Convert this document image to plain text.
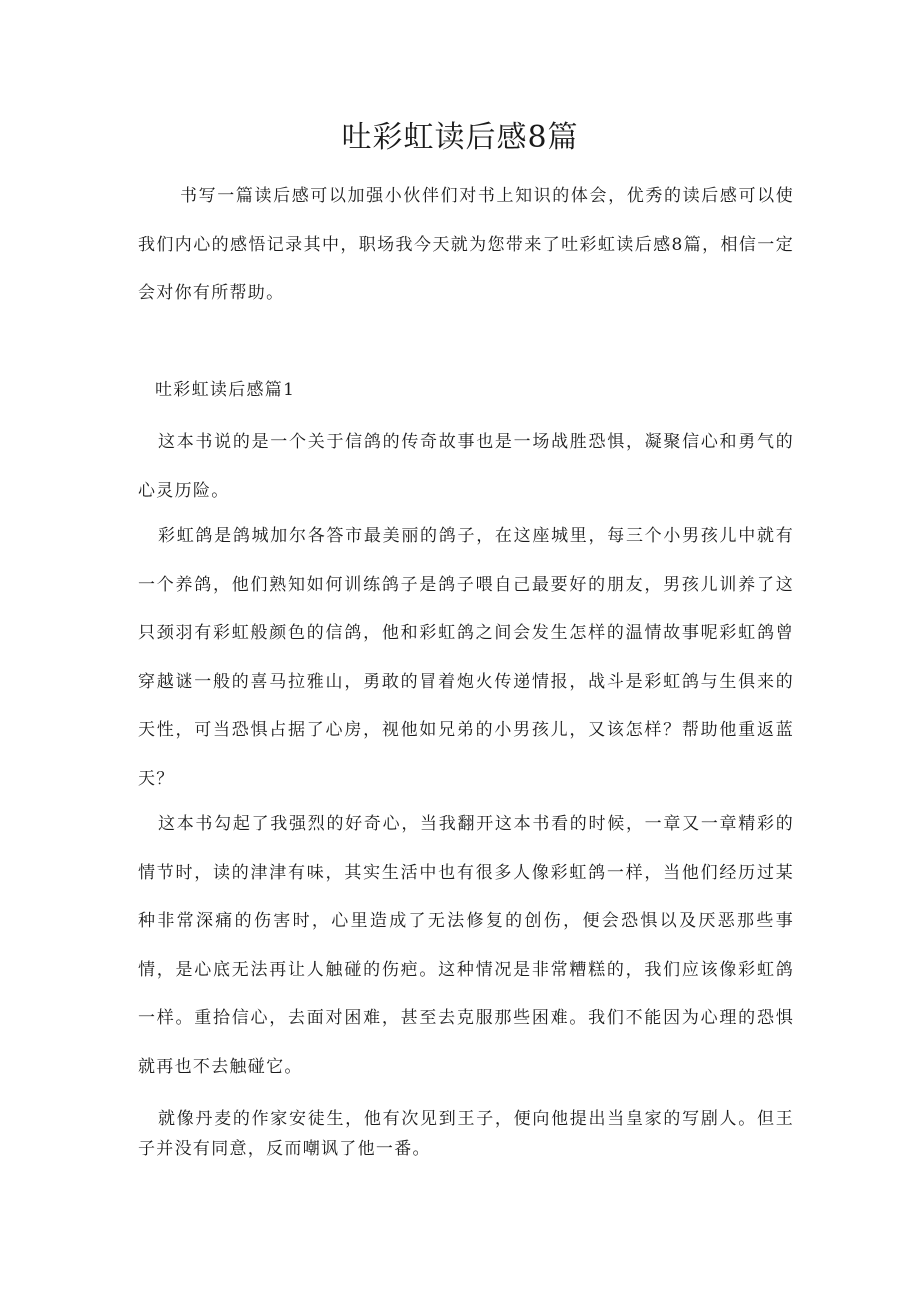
吐彩虹读后感8篇

书写一篇读后感可以加强小伙伴们对书上知识的体会，优秀的读后感可以使我们内心的感悟记录其中，职场我今天就为您带来了吐彩虹读后感8篇，相信一定会对你有所帮助。

吐彩虹读后感篇1

这本书说的是一个关于信鸽的传奇故事也是一场战胜恐惧，凝聚信心和勇气的心灵历险。

彩虹鸽是鸽城加尔各答市最美丽的鸽子，在这座城里，每三个小男孩儿中就有一个养鸽，他们熟知如何训练鸽子是鸽子喂自己最要好的朋友，男孩儿训养了这只颈羽有彩虹般颜色的信鸽，他和彩虹鸽之间会发生怎样的温情故事呢彩虹鸽曾穿越谜一般的喜马拉雅山，勇敢的冒着炮火传递情报，战斗是彩虹鸽与生俱来的天性，可当恐惧占据了心房，视他如兄弟的小男孩儿，又该怎样？帮助他重返蓝天？

这本书勾起了我强烈的好奇心，当我翻开这本书看的时候，一章又一章精彩的情节时，读的津津有味，其实生活中也有很多人像彩虹鸽一样，当他们经历过某种非常深痛的伤害时，心里造成了无法修复的创伤，便会恐惧以及厌恶那些事情，是心底无法再让人触碰的伤疤。这种情况是非常糟糕的，我们应该像彩虹鸽一样。重拾信心，去面对困难，甚至去克服那些困难。我们不能因为心理的恐惧就再也不去触碰它。

就像丹麦的作家安徒生，他有次见到王子，便向他提出当皇家的写剧人。但王子并没有同意，反而嘲讽了他一番。
